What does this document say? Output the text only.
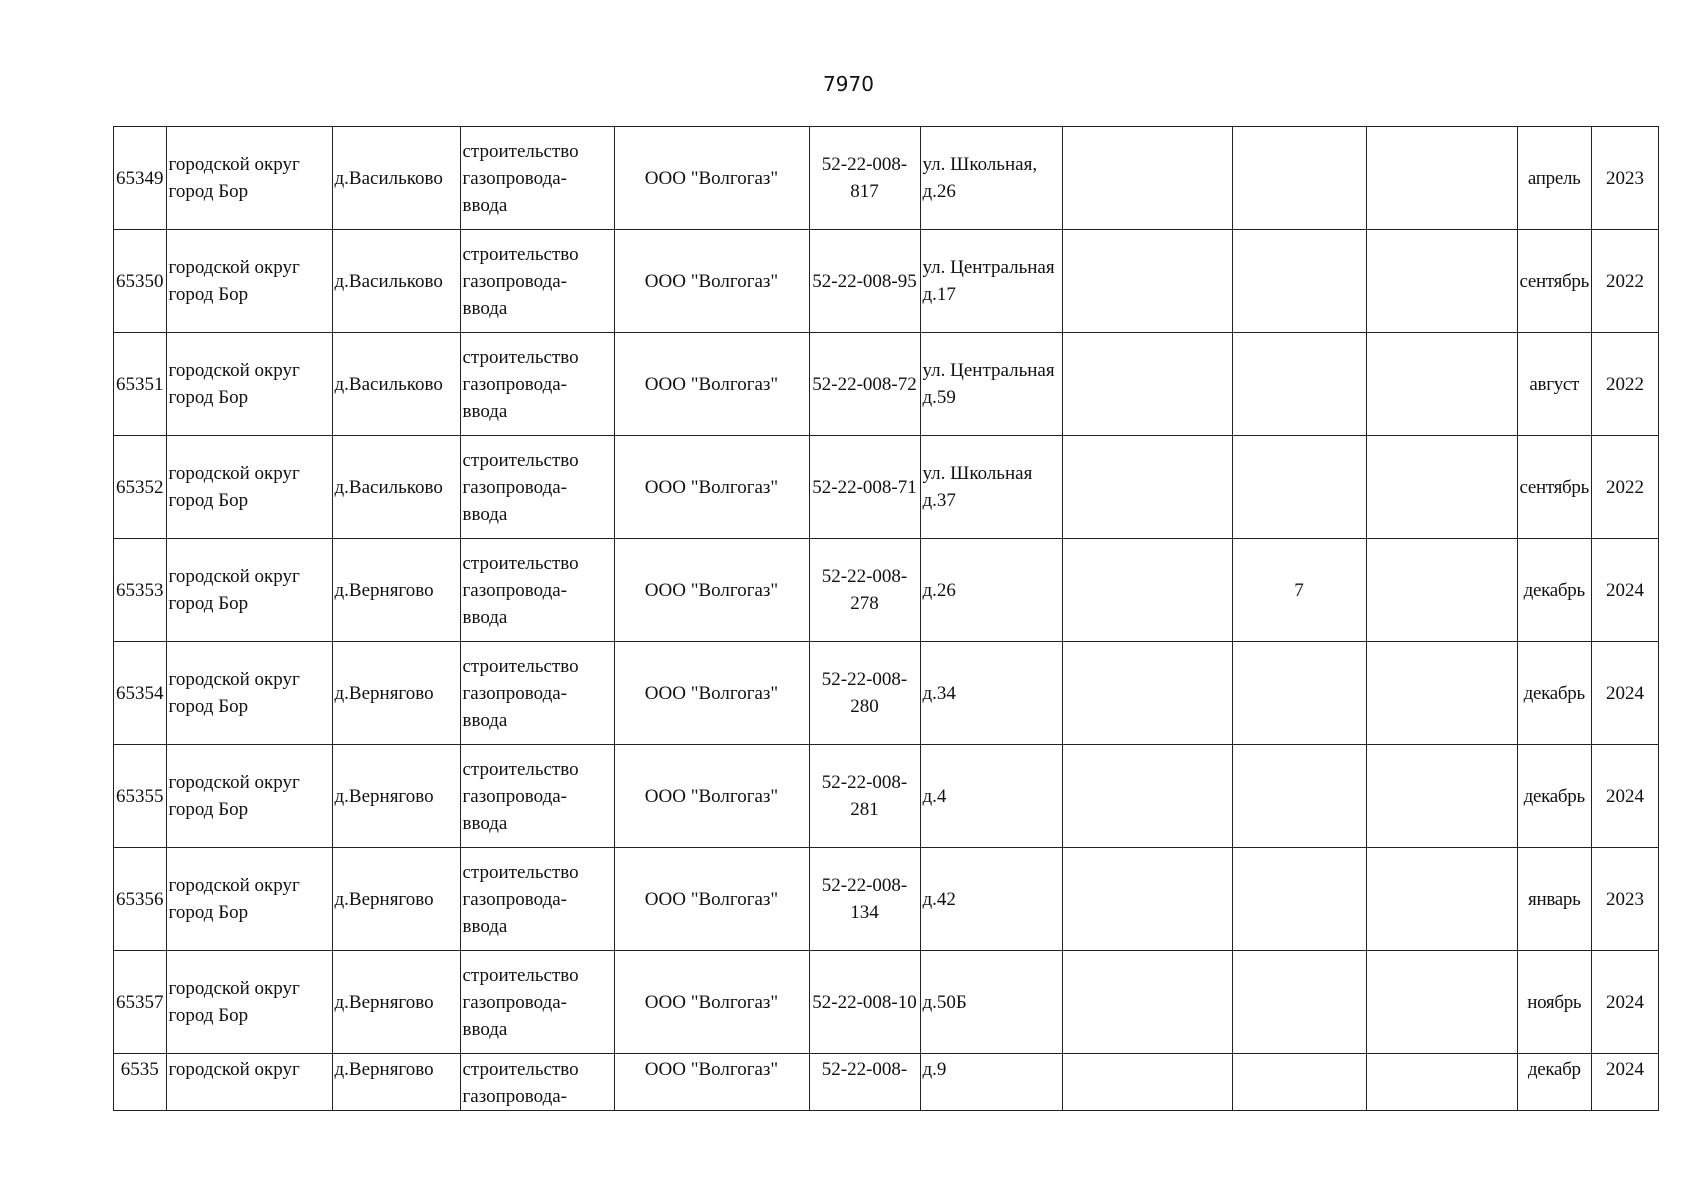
7970
65349	городской округ город Бор	д.Васильково	строительство газопровода-ввода	ООО "Волгогаз"	52-22-008-817	ул. Школьная, д.26				апрель	2023
65350	городской округ город Бор	д.Васильково	строительство газопровода-ввода	ООО "Волгогаз"	52-22-008-95	ул. Центральная д.17				сентябрь	2022
65351	городской округ город Бор	д.Васильково	строительство газопровода-ввода	ООО "Волгогаз"	52-22-008-72	ул. Центральная д.59				август	2022
65352	городской округ город Бор	д.Васильково	строительство газопровода-ввода	ООО "Волгогаз"	52-22-008-71	ул. Школьная д.37				сентябрь	2022
65353	городской округ город Бор	д.Вернягово	строительство газопровода-ввода	ООО "Волгогаз"	52-22-008-278	д.26		7		декабрь	2024
65354	городской округ город Бор	д.Вернягово	строительство газопровода-ввода	ООО "Волгогаз"	52-22-008-280	д.34				декабрь	2024
65355	городской округ город Бор	д.Вернягово	строительство газопровода-ввода	ООО "Волгогаз"	52-22-008-281	д.4				декабрь	2024
65356	городской округ город Бор	д.Вернягово	строительство газопровода-ввода	ООО "Волгогаз"	52-22-008-134	д.42				январь	2023
65357	городской округ город Бор	д.Вернягово	строительство газопровода-ввода	ООО "Волгогаз"	52-22-008-10	д.50Б				ноябрь	2024
6535	городской округ	д.Вернягово	строительство газопровода-	ООО "Волгогаз"	52-22-008-	д.9				декабр	2024
